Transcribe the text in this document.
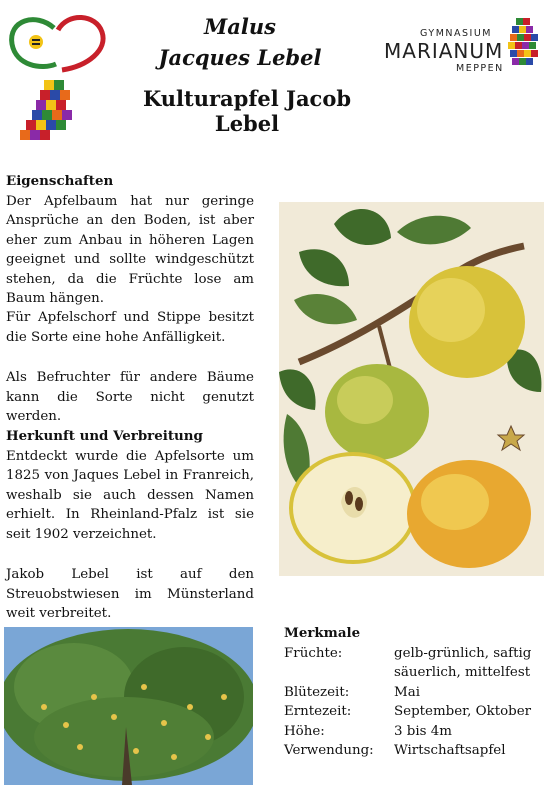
Malus
Jacques Lebel
Kulturapfel Jacob Lebel
GYMNASIUM
MARIANUM
MEPPEN
Eigenschaften

Der Apfelbaum hat nur geringe Ansprüche an den Boden, ist aber eher zum Anbau in höheren Lagen geeignet und sollte windgeschützt stehen, da die Früchte lose am Baum hängen.

Für Apfelschorf und Stippe besitzt die Sorte eine hohe Anfälligkeit.

Als Befruchter für andere Bäume kann die Sorte nicht genutzt werden.

Herkunft und Verbreitung

Entdeckt wurde die Apfelsorte um 1825 von Jaques Lebel in Franreich, weshalb sie auch dessen Namen erhielt. In Rheinland-Pfalz ist sie seit 1902 verzeichnet.

Jakob Lebel ist auf den Streuobstwiesen im Münsterland weit verbreitet.

Merkmale
Früchte:	gelb-grünlich, saftig säuerlich, mittelfest
Blütezeit:	Mai
Erntezeit:	September, Oktober
Höhe:	3 bis 4m
Verwendung:	Wirtschaftsapfel
